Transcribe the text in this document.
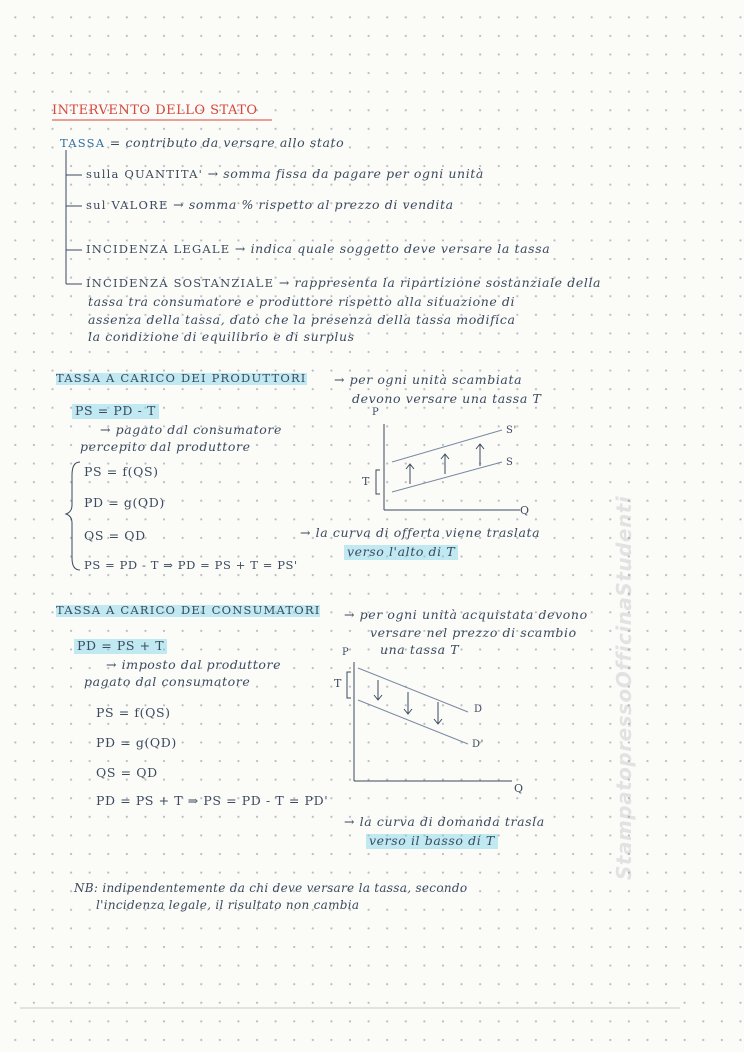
INTERVENTO DELLO STATO
TASSA = contributo da versare allo stato
sulla QUANTITA' → somma fissa da pagare per ogni unità
sul VALORE → somma % rispetto al prezzo di vendita
INCIDENZA LEGALE → indica quale soggetto deve versare la tassa
INCIDENZA SOSTANZIALE → rappresenta la ripartizione sostanziale della
tassa tra consumatore e produttore rispetto alla situazione di
assenza della tassa, dato che la presenza della tassa modifica
la condizione di equilibrio e di surplus
TASSA A CARICO DEI PRODUTTORI → per ogni unità scambiata
devono versare una tassa T
PS = PD - T
→ pagato dal consumatore
percepito dal produttore
PS = f(QS)
PD = g(QD)
QS = QD
PS = PD - T ⇒ PD = PS + T = PS'
→ la curva di offerta viene traslata
verso l'alto di T
P
Q
T
S
S'
TASSA A CARICO DEI CONSUMATORI → per ogni unità acquistata devono
versare nel prezzo di scambio
una tassa T
PD = PS + T
→ imposto dal produttore
pagato dal consumatore
PS = f(QS)
PD = g(QD)
QS = QD
PD = PS + T ⇒ PS = PD - T = PD'
→ la curva di domanda trasla
verso il basso di T
P
Q
T
D
D'
NB: indipendentemente da chi deve versare la tassa, secondo
l'incidenza legale, il risultato non cambia
StampatopressoOfficinaStudenti
